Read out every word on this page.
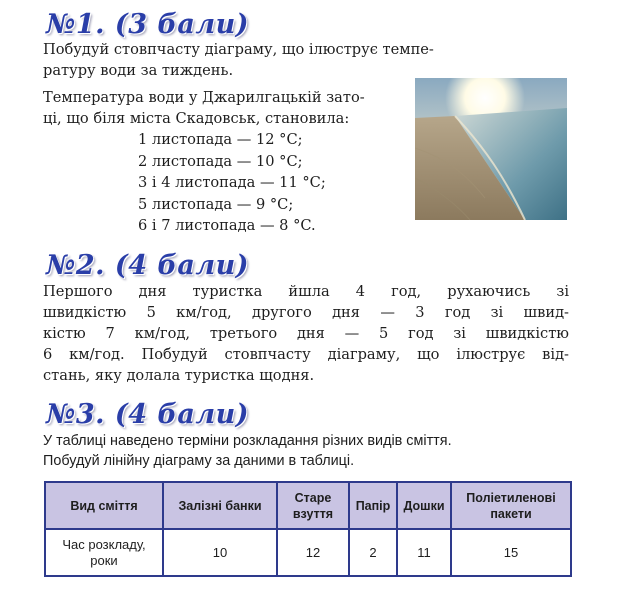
№1. (3 бали)
Побудуй стовпчасту діаграму, що ілюструє темпе-
ратуру води за тиждень.
Температура води у Джарилгацькій зато-
ці, що біля міста Скадовськ, становила:
1 листопада — 12 °C;
2 листопада — 10 °C;
3 і 4 листопада — 11 °C;
5 листопада — 9 °C;
6 і 7 листопада — 8 °C.
№2. (4 бали)
Першого дня туристка йшла 4 год, рухаючись зі
швидкістю 5 км/год, другого дня — 3 год зі швид-
кістю 7 км/год, третього дня — 5 год зі швидкістю
6 км/год. Побудуй стовпчасту діаграму, що ілюструє від-
стань, яку долала туристка щодня.
№3. (4 бали)
У таблиці наведено терміни розкладання різних видів сміття.
Побудуй лінійну діаграму за даними в таблиці.
Вид сміття	Залізні банки	Старе взуття	Папір	Дошки	Поліетиленові пакети
Час розкладу, роки	10	12	2	11	15
